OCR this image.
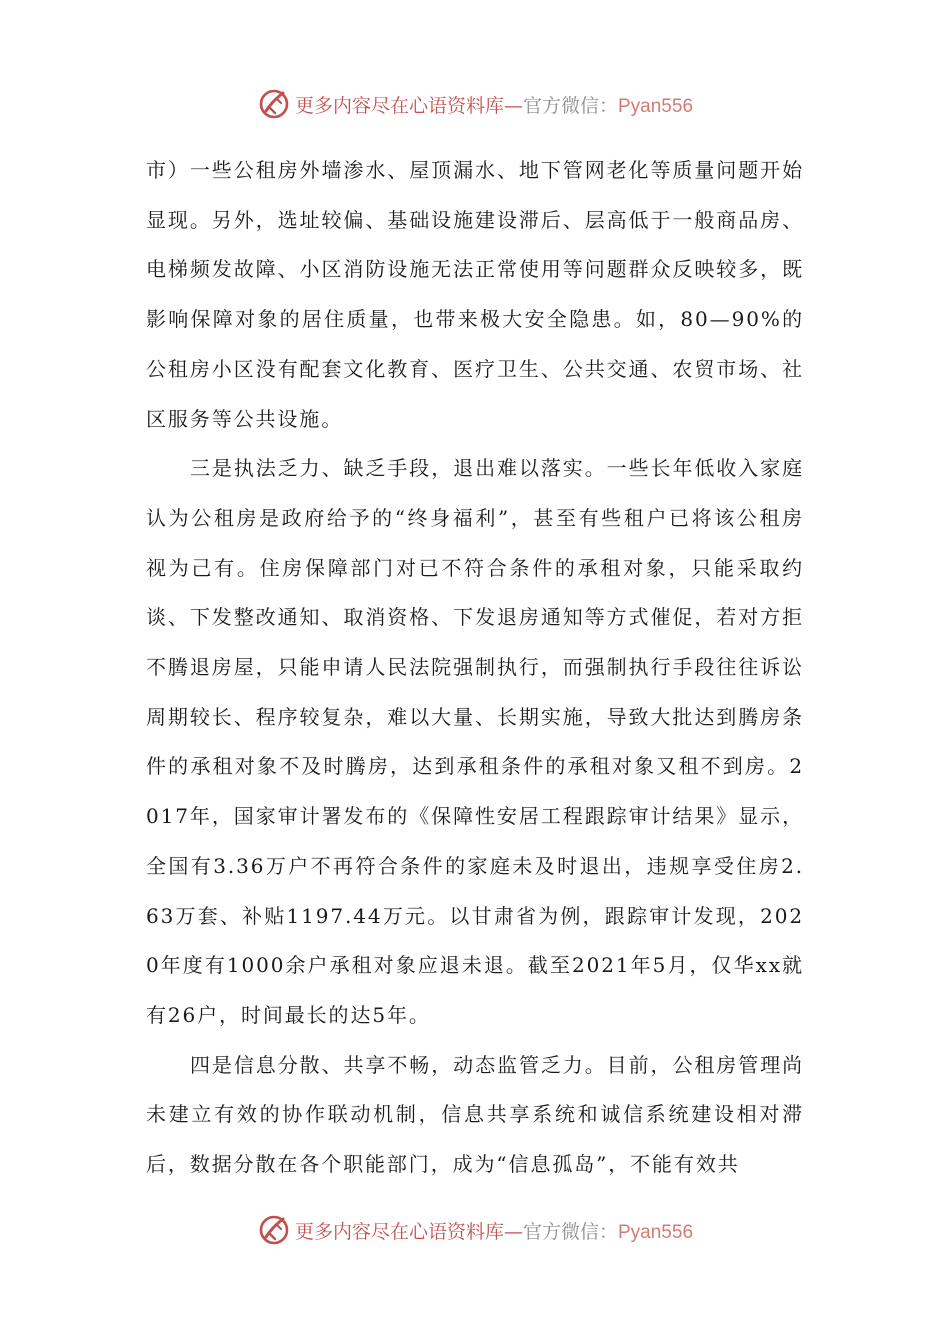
更多内容尽在心语资料库—官方微信：Pyan556

市）一些公租房外墙渗水、屋顶漏水、地下管网老化等质量问题开始显现。另外，选址较偏、基础设施建设滞后、层高低于一般商品房、电梯频发故障、小区消防设施无法正常使用等问题群众反映较多，既影响保障对象的居住质量，也带来极大安全隐患。如，80—90%的公租房小区没有配套文化教育、医疗卫生、公共交通、农贸市场、社区服务等公共设施。

三是执法乏力、缺乏手段，退出难以落实。一些长年低收入家庭认为公租房是政府给予的“终身福利”，甚至有些租户已将该公租房视为己有。住房保障部门对已不符合条件的承租对象，只能采取约谈、下发整改通知、取消资格、下发退房通知等方式催促，若对方拒不腾退房屋，只能申请人民法院强制执行，而强制执行手段往往诉讼周期较长、程序较复杂，难以大量、长期实施，导致大批达到腾房条件的承租对象不及时腾房，达到承租条件的承租对象又租不到房。2017年，国家审计署发布的《保障性安居工程跟踪审计结果》显示，全国有3.36万户不再符合条件的家庭未及时退出，违规享受住房2.63万套、补贴1197.44万元。以甘肃省为例，跟踪审计发现，2020年度有1000余户承租对象应退未退。截至2021年5月，仅华xx就有26户，时间最长的达5年。

四是信息分散、共享不畅，动态监管乏力。目前，公租房管理尚未建立有效的协作联动机制，信息共享系统和诚信系统建设相对滞后，数据分散在各个职能部门，成为“信息孤岛”，不能有效共

更多内容尽在心语资料库—官方微信：Pyan556
